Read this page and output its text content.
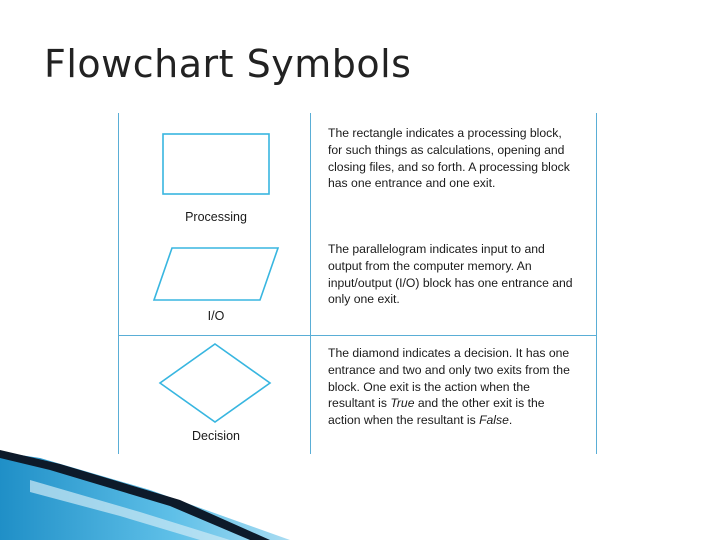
Flowchart Symbols
Processing
The rectangle indicates a processing block, for such things as calculations, opening and closing files, and so forth. A processing block has one entrance and one exit.
I/O
The parallelogram indicates input to and output from the computer memory. An input/output (I/O) block has one entrance and only one exit.
Decision
The diamond indicates a decision. It has one entrance and two and only two exits from the block. One exit is the action when the resultant is True and the other exit is the action when the resultant is False.
